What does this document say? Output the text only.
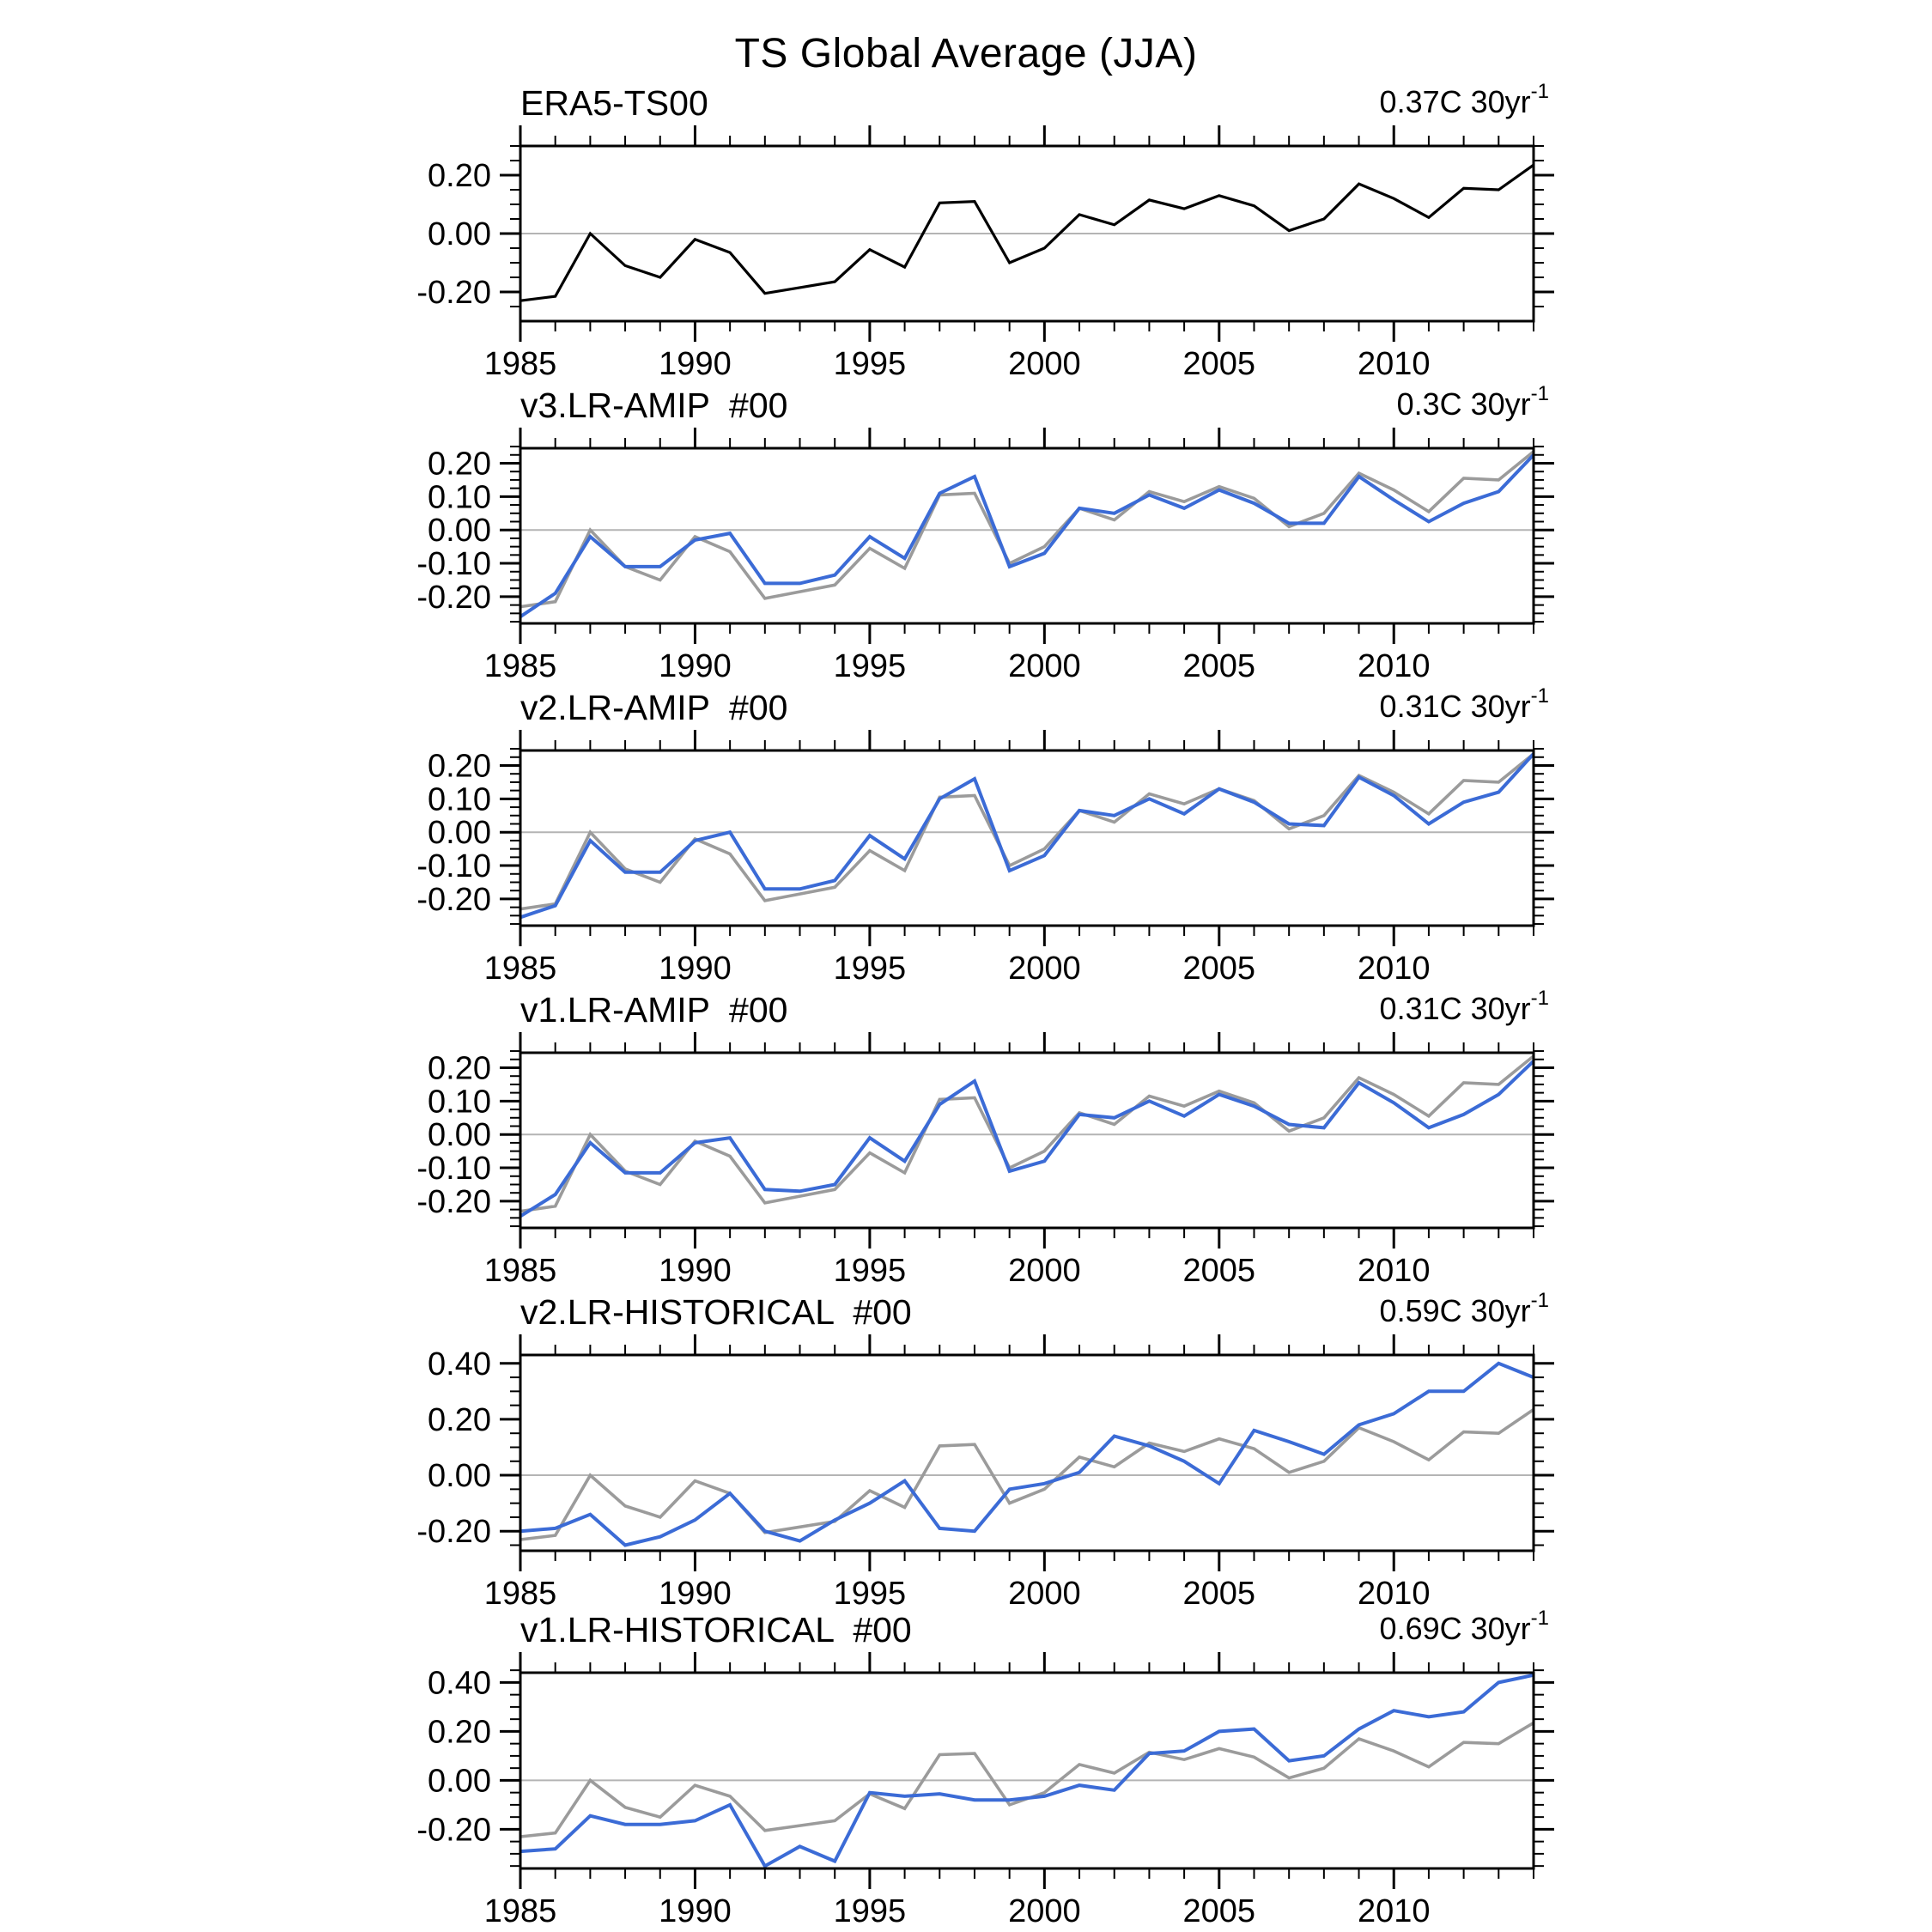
TS Global Average (JJA)
ERA5-TS00	0.37C $30yr^{-1}$
0.20
0.00
-0.20
1985	1990	1995	2000	2005	2010
v3.LR-AMIP  #00	0.3C $30yr^{-1}$
0.20
0.10
0.00
-0.10
-0.20
1985	1990	1995	2000	2005	2010
v2.LR-AMIP  #00	0.31C $30yr^{-1}$
0.20
0.10
0.00
-0.10
-0.20
1985	1990	1995	2000	2005	2010
v1.LR-AMIP  #00	0.31C $30yr^{-1}$
0.20
0.10
0.00
-0.10
-0.20
1985	1990	1995	2000	2005	2010
v2.LR-HISTORICAL  #00	0.59C $30yr^{-1}$
0.40
0.20
0.00
-0.20
1985	1990	1995	2000	2005	2010
v1.LR-HISTORICAL  #00	0.69C $30yr^{-1}$
0.40
0.20
0.00
-0.20
1985	1990	1995	2000	2005	2010
